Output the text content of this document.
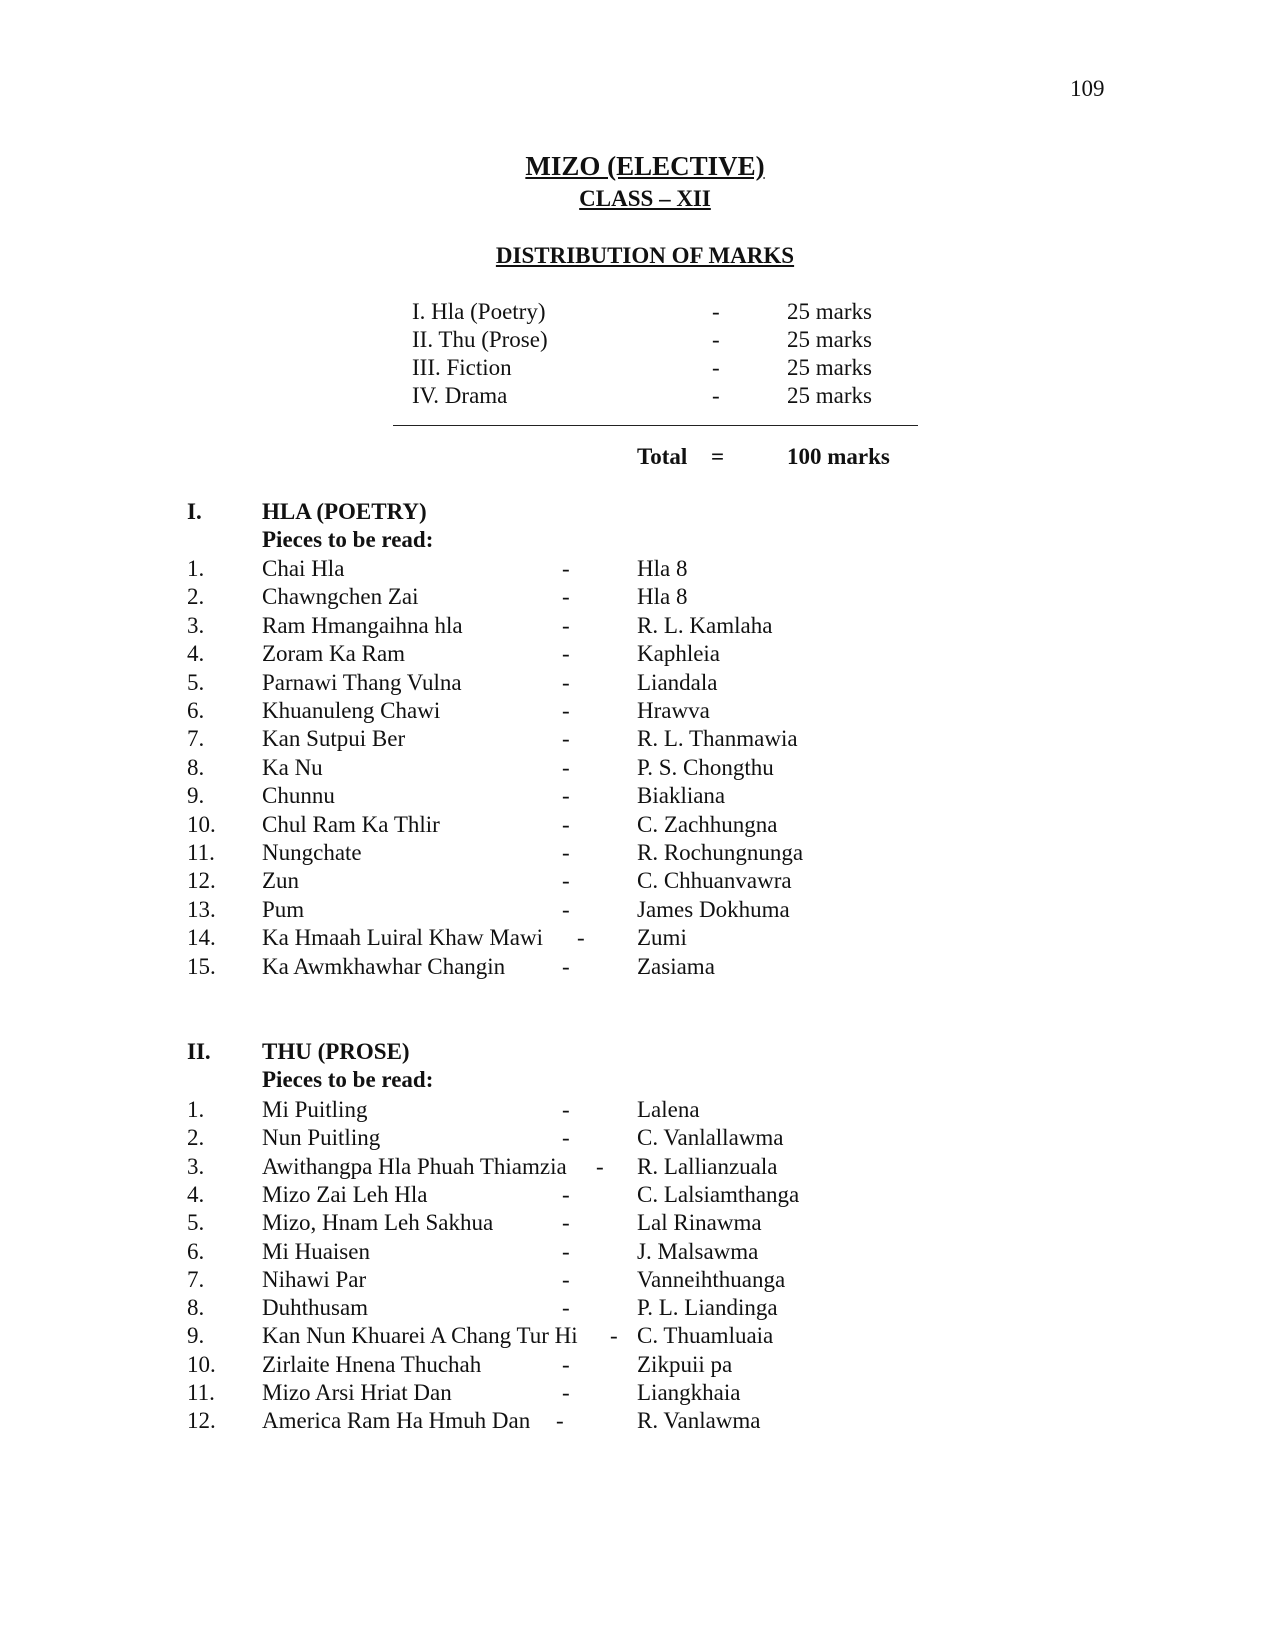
109
MIZO (ELECTIVE)
CLASS – XII
DISTRIBUTION OF MARKS
I. Hla (Poetry)	-	25 marks
II. Thu (Prose)	-	25 marks
III. Fiction	-	25 marks
IV. Drama	-	25 marks
Total =	100 marks
I.	HLA (POETRY)
Pieces to be read:
1.	Chai Hla	-	Hla 8
2.	Chawngchen Zai	-	Hla 8
3.	Ram Hmangaihna hla	-	R. L. Kamlaha
4.	Zoram Ka Ram	-	Kaphleia
5.	Parnawi Thang Vulna	-	Liandala
6.	Khuanuleng Chawi	-	Hrawva
7.	Kan Sutpui Ber	-	R. L. Thanmawia
8.	Ka Nu	-	P. S. Chongthu
9.	Chunnu	-	Biakliana
10. Chul Ram Ka Thlir	-	C. Zachhungna
11. Nungchate	-	R. Rochungnunga
12. Zun	-	C. Chhuanvawra
13. Pum	-	James Dokhuma
14. Ka Hmaah Luiral Khaw Mawi - Zumi
15. Ka Awmkhawhar Changin -	Zasiama
II. THU (PROSE)
Pieces to be read:
1.	Mi Puitling	-	Lalena
2.	Nun Puitling	-	C. Vanlallawma
3.	Awithangpa Hla Phuah Thiamzia - R. Lallianzuala
4.	Mizo Zai Leh Hla	-	C. Lalsiamthanga
5.	Mizo, Hnam Leh Sakhua	-	Lal Rinawma
6.	Mi Huaisen	-	J. Malsawma
7.	Nihawi Par	-	Vanneihthuanga
8.	Duhthusam	-	P. L. Liandinga
9.	Kan Nun Khuarei A Chang Tur Hi - C. Thuamluaia
10. Zirlaite Hnena Thuchah	-	Zikpuii pa
11. Mizo Arsi Hriat Dan	-	Liangkhaia
12. America Ram Ha Hmuh Dan -	R. Vanlawma
